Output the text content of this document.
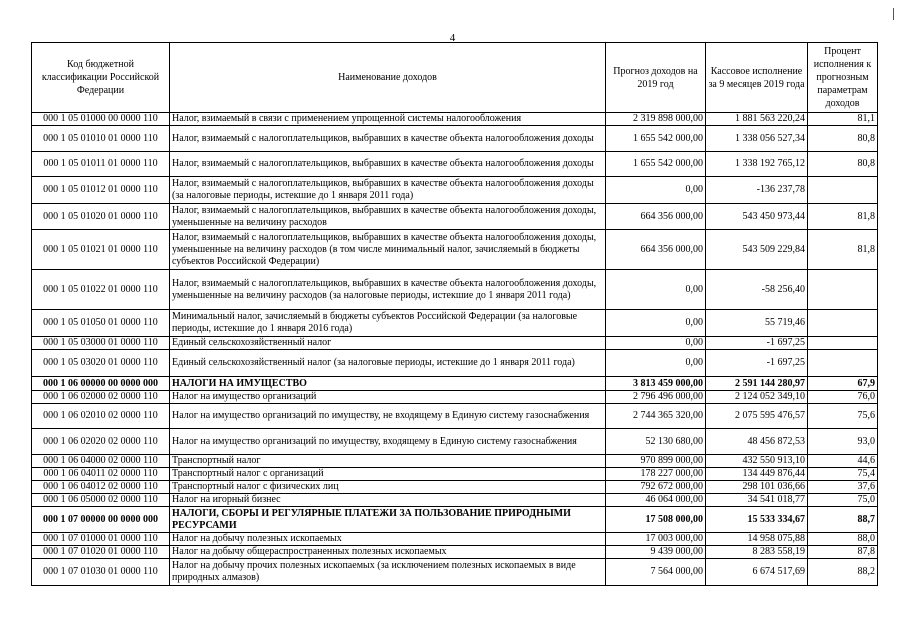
4
Код бюджетной классификации Российской Федерации	Наименование доходов	Прогноз доходов на 2019 год	Кассовое исполнение за 9 месяцев 2019 года	Процент исполнения к прогнозным параметрам доходов
000 1 05 01000 00 0000 110	Налог, взимаемый в связи с применением упрощенной системы налогообложения	2 319 898 000,00	1 881 563 220,24	81,1
000 1 05 01010 01 0000 110	Налог, взимаемый с налогоплательщиков, выбравших в качестве объекта налогообложения доходы	1 655 542 000,00	1 338 056 527,34	80,8
000 1 05 01011 01 0000 110	Налог, взимаемый с налогоплательщиков, выбравших в качестве объекта налогообложения доходы	1 655 542 000,00	1 338 192 765,12	80,8
000 1 05 01012 01 0000 110	Налог, взимаемый с налогоплательщиков, выбравших в качестве объекта налогообложения доходы (за налоговые периоды, истекшие до 1 января 2011 года)	0,00	-136 237,78	
000 1 05 01020 01 0000 110	Налог, взимаемый с налогоплательщиков, выбравших в качестве объекта налогообложения доходы, уменьшенные на величину расходов	664 356 000,00	543 450 973,44	81,8
000 1 05 01021 01 0000 110	Налог, взимаемый с налогоплательщиков, выбравших в качестве объекта налогообложения доходы, уменьшенные на величину расходов (в том числе минимальный налог, зачисляемый в бюджеты субъектов Российской Федерации)	664 356 000,00	543 509 229,84	81,8
000 1 05 01022 01 0000 110	Налог, взимаемый с налогоплательщиков, выбравших в качестве объекта налогообложения доходы, уменьшенные на величину расходов (за налоговые периоды, истекшие до 1 января 2011 года)	0,00	-58 256,40	
000 1 05 01050 01 0000 110	Минимальный налог, зачисляемый в бюджеты субъектов Российской Федерации (за налоговые периоды, истекшие до 1 января 2016 года)	0,00	55 719,46	
000 1 05 03000 01 0000 110	Единый сельскохозяйственный налог	0,00	-1 697,25	
000 1 05 03020 01 0000 110	Единый сельскохозяйственный налог (за налоговые периоды, истекшие до 1 января 2011 года)	0,00	-1 697,25	
000 1 06 00000 00 0000 000	НАЛОГИ НА ИМУЩЕСТВО	3 813 459 000,00	2 591 144 280,97	67,9
000 1 06 02000 02 0000 110	Налог на имущество организаций	2 796 496 000,00	2 124 052 349,10	76,0
000 1 06 02010 02 0000 110	Налог на имущество организаций по имуществу, не входящему в Единую систему газоснабжения	2 744 365 320,00	2 075 595 476,57	75,6
000 1 06 02020 02 0000 110	Налог на имущество организаций по имуществу, входящему в Единую систему газоснабжения	52 130 680,00	48 456 872,53	93,0
000 1 06 04000 02 0000 110	Транспортный налог	970 899 000,00	432 550 913,10	44,6
000 1 06 04011 02 0000 110	Транспортный налог с организаций	178 227 000,00	134 449 876,44	75,4
000 1 06 04012 02 0000 110	Транспортный налог с физических лиц	792 672 000,00	298 101 036,66	37,6
000 1 06 05000 02 0000 110	Налог на игорный бизнес	46 064 000,00	34 541 018,77	75,0
000 1 07 00000 00 0000 000	НАЛОГИ, СБОРЫ И РЕГУЛЯРНЫЕ ПЛАТЕЖИ ЗА ПОЛЬЗОВАНИЕ ПРИРОДНЫМИ РЕСУРСАМИ	17 508 000,00	15 533 334,67	88,7
000 1 07 01000 01 0000 110	Налог на добычу полезных ископаемых	17 003 000,00	14 958 075,88	88,0
000 1 07 01020 01 0000 110	Налог на добычу общераспространенных полезных ископаемых	9 439 000,00	8 283 558,19	87,8
000 1 07 01030 01 0000 110	Налог на добычу прочих полезных ископаемых (за исключением полезных ископаемых в виде природных алмазов)	7 564 000,00	6 674 517,69	88,2
